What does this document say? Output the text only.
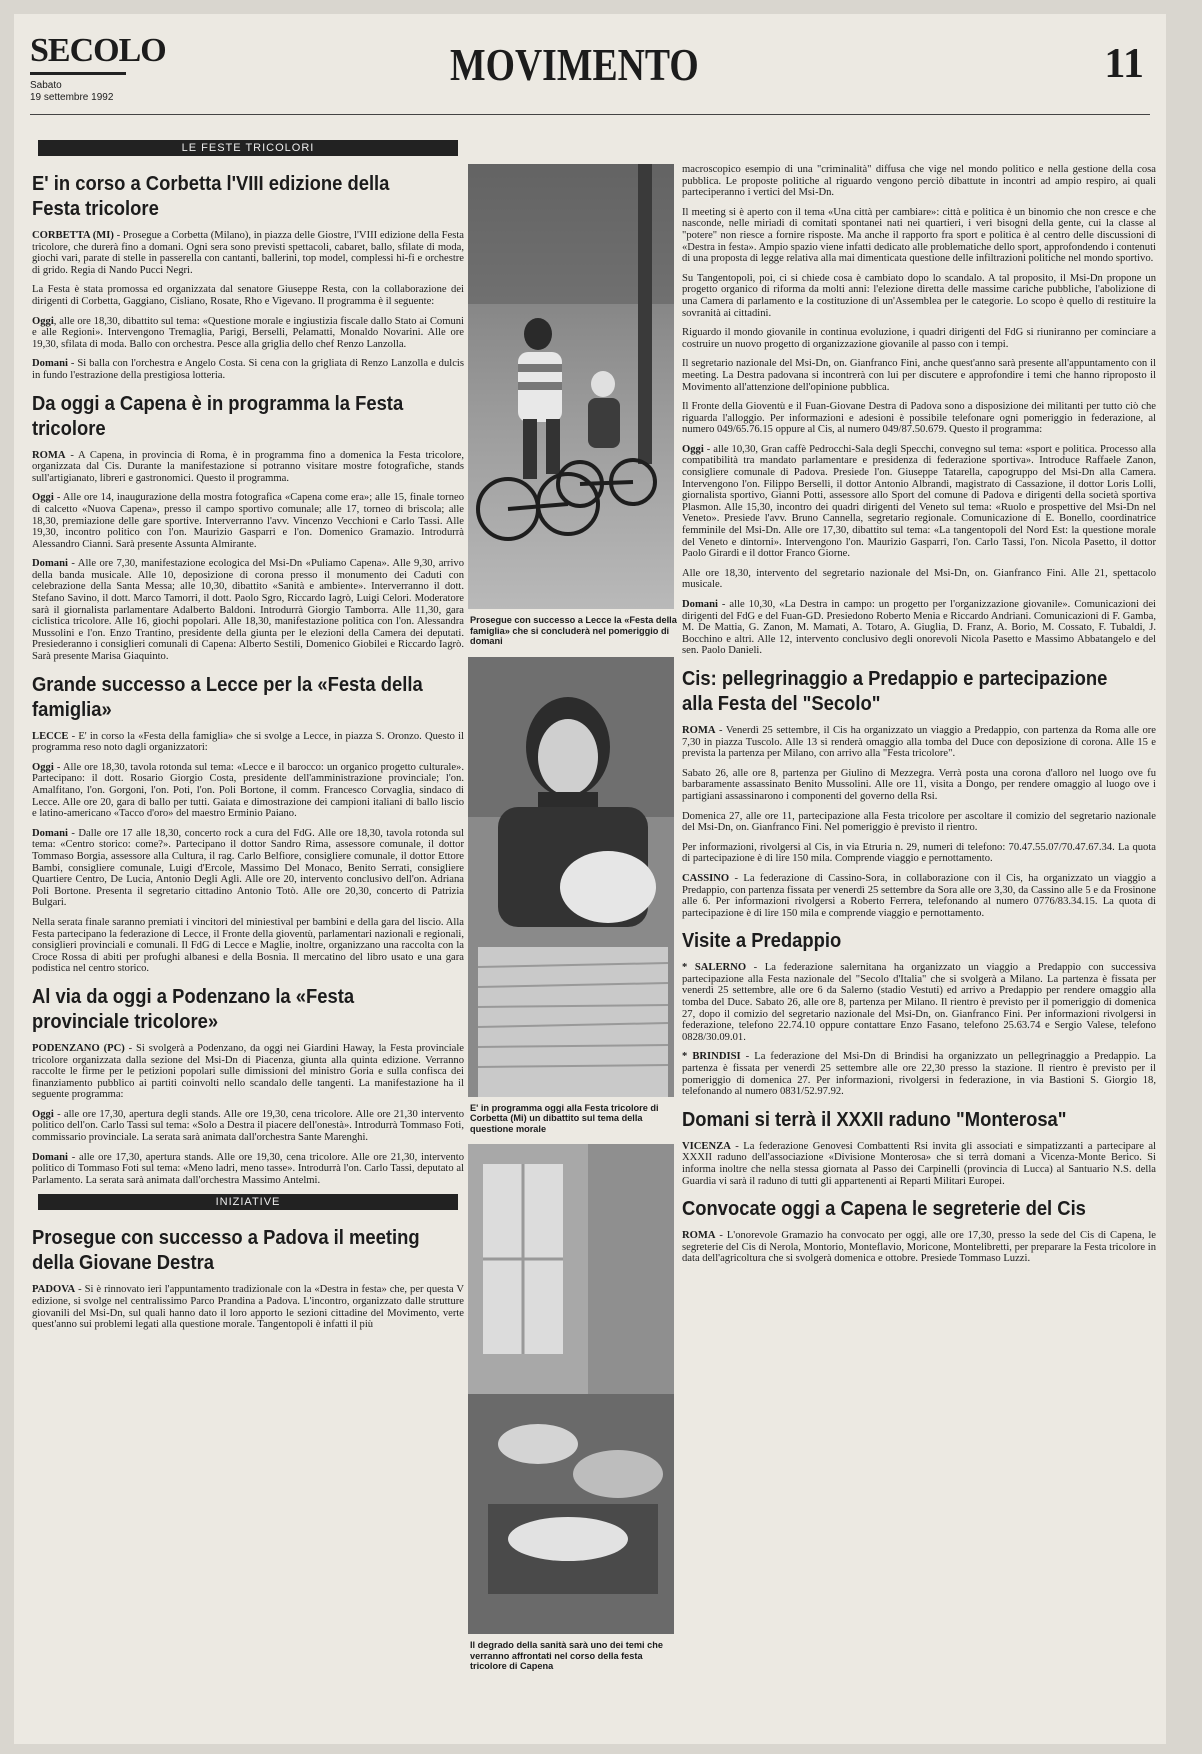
SECOLO
Sabato
19 settembre 1992
MOVIMENTO	11
LE FESTE TRICOLORI
E' in corso a Corbetta l'VIII edizione della Festa tricolore

CORBETTA (MI) - Prosegue a Corbetta (Milano), in piazza delle Giostre, l'VIII edizione della Festa tricolore, che durerà fino a domani. Ogni sera sono previsti spettacoli, cabaret, ballo, sfilate di moda, giochi vari, parate di stelle in passerella con cantanti, ballerini, top model, complessi hi-fi e orchestre di grido. Regia di Nando Pucci Negri.

La Festa è stata promossa ed organizzata dal senatore Giuseppe Resta, con la collaborazione dei dirigenti di Corbetta, Gaggiano, Cisliano, Rosate, Rho e Vigevano. Il programma è il seguente:

Oggi, alle ore 18,30, dibattito sul tema: «Questione morale e ingiustizia fiscale dallo Stato ai Comuni e alle Regioni». Intervengono Tremaglia, Parigi, Berselli, Pelamatti, Monaldo Novarini. Alle ore 19,30, sfilata di moda. Ballo con orchestra. Pesce alla griglia dello chef Renzo Lanzolla.

Domani - Si balla con l'orchestra e Angelo Costa. Si cena con la grigliata di Renzo Lanzolla e dulcis in fundo l'estrazione della prestigiosa lotteria.

Da oggi a Capena è in programma la Festa tricolore

ROMA - A Capena, in provincia di Roma, è in programma fino a domenica la Festa tricolore, organizzata dal Cis. Durante la manifestazione si potranno visitare mostre fotografiche, stands sull'artigianato, libreri e gastronomici. Questo il programma.

Oggi - Alle ore 14, inaugurazione della mostra fotografica «Capena come era»; alle 15, finale torneo di calcetto «Nuova Capena», presso il campo sportivo comunale; alle 17, torneo di briscola; alle 18,30, premiazione delle gare sportive. Interverranno l'avv. Vincenzo Vecchioni e Carlo Tassi. Alle 19,30, incontro politico con l'on. Maurizio Gasparri e l'on. Domenico Gramazio. Introdurrà Alessandro Cianni. Sarà presente Assunta Almirante.

Domani - Alle ore 7,30, manifestazione ecologica del Msi-Dn «Puliamo Capena». Alle 9,30, arrivo della banda musicale. Alle 10, deposizione di corona presso il monumento dei Caduti con celebrazione della Santa Messa; alle 10,30, dibattito «Sanità e ambiente». Interverranno il dott. Stefano Savino, il dott. Marco Tamorri, il dott. Paolo Sgro, Riccardo Iagrò, Luigi Celori. Moderatore sarà il giornalista parlamentare Adalberto Baldoni. Introdurrà Giorgio Tamborra. Alle 11,30, gara ciclistica tricolore. Alle 16, giochi popolari. Alle 18,30, manifestazione politica con l'on. Alessandra Mussolini e l'on. Enzo Trantino, presidente della giunta per le elezioni della Camera dei deputati. Presiederanno i consiglieri comunali di Capena: Alberto Sestili, Domenico Giobilei e Riccardo Iagrò. Sarà presente Marisa Giaquinto.

Grande successo a Lecce per la «Festa della famiglia»

LECCE - E' in corso la «Festa della famiglia» che si svolge a Lecce, in piazza S. Oronzo. Questo il programma reso noto dagli organizzatori:

Oggi - Alle ore 18,30, tavola rotonda sul tema: «Lecce e il barocco: un organico progetto culturale». Partecipano: il dott. Rosario Giorgio Costa, presidente dell'amministrazione provinciale; l'on. Amalfitano, l'on. Gorgoni, l'on. Poti, l'on. Poli Bortone, il comm. Francesco Corvaglia, sindaco di Lecce. Alle ore 20, gara di ballo per tutti. Gaiata e dimostrazione dei campioni italiani di ballo liscio e latino-americano «Tacco d'oro» del maestro Erminio Paiano.

Domani - Dalle ore 17 alle 18,30, concerto rock a cura del FdG. Alle ore 18,30, tavola rotonda sul tema: «Centro storico: come?». Partecipano il dottor Sandro Rima, assessore comunale, il dottor Tommaso Borgia, assessore alla Cultura, il rag. Carlo Belfiore, consigliere comunale, il dottor Ettore Bambi, consigliere comunale, Luigi d'Ercole, Massimo Del Monaco, Benito Serrati, consigliere Quartiere Centro, De Lucia, Antonio Degli Agli. Alle ore 20, intervento conclusivo dell'on. Adriana Poli Bortone. Presenta il segretario cittadino Antonio Totò. Alle ore 20,30, concerto di Patrizia Bulgari.

Nella serata finale saranno premiati i vincitori del miniestival per bambini e della gara del liscio. Alla Festa partecipano la federazione di Lecce, il Fronte della gioventù, parlamentari nazionali e regionali, consiglieri provinciali e comunali. Il FdG di Lecce e Maglie, inoltre, organizzano una raccolta con la Croce Rossa di abiti per profughi albanesi e della Bosnia. Il mercatino del libro usato e una gara podistica nel centro storico.

Al via da oggi a Podenzano la «Festa provinciale tricolore»

PODENZANO (PC) - Si svolgerà a Podenzano, da oggi nei Giardini Haway, la Festa provinciale tricolore organizzata dalla sezione del Msi-Dn di Piacenza, giunta alla quinta edizione. Verranno raccolte le firme per le petizioni popolari sulle dimissioni del ministro Goria e sulla confisca dei finanziamento pubblico ai partiti coinvolti nello scandalo delle tangenti. La manifestazione ha il seguente programma:

Oggi - alle ore 17,30, apertura degli stands. Alle ore 19,30, cena tricolore. Alle ore 21,30 intervento politico dell'on. Carlo Tassi sul tema: «Solo a Destra il piacere dell'onestà». Introdurrà Tommaso Foti, commissario provinciale. La serata sarà animata dall'orchestra Sante Marenghi.

Domani - alle ore 17,30, apertura stands. Alle ore 19,30, cena tricolore. Alle ore 21,30, intervento politico di Tommaso Foti sul tema: «Meno ladri, meno tasse». Introdurrà l'on. Carlo Tassi, deputato al Parlamento. La serata sarà animata dall'orchestra Massimo Antelmi.

INIZIATIVE
Prosegue con successo a Padova il meeting della Giovane Destra

PADOVA - Si è rinnovato ieri l'appuntamento tradizionale con la «Destra in festa» che, per questa V edizione, si svolge nel centralissimo Parco Prandina a Padova. L'incontro, organizzato dalle strutture giovanili del Msi-Dn, sul quali hanno dato il loro apporto le sezioni cittadine del Movimento, verte quest'anno sui problemi legati alla questione morale. Tangentopoli è infatti il più

Prosegue con successo a Lecce la «Festa della famiglia» che si concluderà nel pomeriggio di domani
E' in programma oggi alla Festa tricolore di Corbetta (Mi) un dibattito sul tema della questione morale
Il degrado della sanità sarà uno dei temi che verranno affrontati nel corso della festa tricolore di Capena

macroscopico esempio di una "criminalità" diffusa che vige nel mondo politico e nella gestione della cosa pubblica. Le proposte politiche al riguardo vengono perciò dibattute in incontri ad ampio respiro, ai quali parteciperanno i vertici del Msi-Dn.

Il meeting si è aperto con il tema «Una città per cambiare»: città e politica è un binomio che non cresce e che nasconde, nelle miriadi di comitati spontanei nati nei quartieri, i veri bisogni della gente, cui la classe al "potere" non riesce a fornire risposte. Ma anche il rapporto fra sport e politica è al centro delle discussioni di «Destra in festa». Ampio spazio viene infatti dedicato alle problematiche dello sport, approfondendo i contenuti di una proposta di legge relativa alla mai dimenticata questione delle infiltrazioni politiche nel mondo sportivo.

Su Tangentopoli, poi, ci si chiede cosa è cambiato dopo lo scandalo. A tal proposito, il Msi-Dn propone un progetto organico di riforma da molti anni: l'elezione diretta delle massime cariche pubbliche, l'abolizione di una Camera di parlamento e la costituzione di un'Assemblea per le categorie. Lo scopo è quello di restituire la sovranità ai cittadini.

Riguardo il mondo giovanile in continua evoluzione, i quadri dirigenti del FdG si riuniranno per cominciare a costruire un nuovo progetto di organizzazione giovanile al passo con i tempi.

Il segretario nazionale del Msi-Dn, on. Gianfranco Fini, anche quest'anno sarà presente all'appuntamento con il meeting. La Destra padovana si incontrerà con lui per discutere e approfondire i temi che hanno riproposto il Movimento all'attenzione dell'opinione pubblica.

Il Fronte della Gioventù e il Fuan-Giovane Destra di Padova sono a disposizione dei militanti per tutto ciò che riguarda l'alloggio. Per informazioni e adesioni è possibile telefonare ogni pomeriggio in federazione, al numero 049/65.76.15 oppure al Cis, al numero 049/87.50.679. Questo il programma:

Oggi - alle 10,30, Gran caffè Pedrocchi-Sala degli Specchi, convegno sul tema: «sport e politica. Processo alla compatibilità tra mandato parlamentare e presidenza di federazione sportiva». Introduce Raffaele Zanon, consigliere comunale di Padova. Presiede l'on. Giuseppe Tatarella, capogruppo del Msi-Dn alla Camera. Intervengono l'on. Filippo Berselli, il dottor Antonio Albrandi, magistrato di Cassazione, il dottor Loris Lolli, giornalista sportivo, Gianni Potti, assessore allo Sport del comune di Padova e dirigenti della società sportiva Plasmon. Alle 15,30, incontro dei quadri dirigenti del Veneto sul tema: «Ruolo e prospettive del Msi-Dn nel Veneto». Presiede l'avv. Bruno Cannella, segretario regionale. Comunicazione di E. Bonello, coordinatrice femminile del Msi-Dn. Alle ore 17,30, dibattito sul tema: «La tangentopoli del Nord Est: la questione morale del Veneto e dintorni». Intervengono l'on. Maurizio Gasparri, l'on. Carlo Tassi, l'on. Nicola Pasetto, il dottor Paolo Girardi e il dottor Franco Giorne.

Alle ore 18,30, intervento del segretario nazionale del Msi-Dn, on. Gianfranco Fini. Alle 21, spettacolo musicale.

Domani - alle 10,30, «La Destra in campo: un progetto per l'organizzazione giovanile». Comunicazioni dei dirigenti del FdG e del Fuan-GD. Presiedono Roberto Menia e Riccardo Andriani. Comunicazioni di F. Gamba, M. De Mattia, G. Zanon, M. Mamati, A. Totaro, A. Giuglia, D. Franz, A. Borio, M. Cossato, F. Tubaldi, J. Bocchino e altri. Alle 12, intervento conclusivo degli onorevoli Nicola Pasetto e Massimo Abbatangelo e del sen. Paolo Danieli.

Cis: pellegrinaggio a Predappio e partecipazione alla Festa del "Secolo"

ROMA - Venerdì 25 settembre, il Cis ha organizzato un viaggio a Predappio, con partenza da Roma alle ore 7,30 in piazza Tuscolo. Alle 13 si renderà omaggio alla tomba del Duce con deposizione di corona. Alle 15 e prevista la partenza per Milano, con arrivo alla "Festa tricolore".

Sabato 26, alle ore 8, partenza per Giulino di Mezzegra. Verrà posta una corona d'alloro nel luogo ove fu barbaramente assassinato Benito Mussolini. Alle ore 11, visita a Dongo, per rendere omaggio al luogo ove i partigiani assassinarono i componenti del governo della Rsi.

Domenica 27, alle ore 11, partecipazione alla Festa tricolore per ascoltare il comizio del segretario nazionale del Msi-Dn, on. Gianfranco Fini. Nel pomeriggio è previsto il rientro.

Per informazioni, rivolgersi al Cis, in via Etruria n. 29, numeri di telefono: 70.47.55.07/70.47.67.34. La quota di partecipazione è di lire 150 mila. Comprende viaggio e pernottamento.

CASSINO - La federazione di Cassino-Sora, in collaborazione con il Cis, ha organizzato un viaggio a Predappio, con partenza fissata per venerdì 25 settembre da Sora alle ore 3,30, da Cassino alle 5 e da Frosinone alle 6. Per informazioni rivolgersi a Roberto Ferrera, telefonando al numero 0776/83.34.15. La quota di partecipazione è di lire 150 mila e comprende viaggio e pernottamento.

Visite a Predappio

* SALERNO - La federazione salernitana ha organizzato un viaggio a Predappio con successiva partecipazione alla Festa nazionale del "Secolo d'Italia" che si svolgerà a Milano. La partenza è fissata per venerdì 25 settembre, alle ore 6 da Salerno (stadio Vestuti) ed arrivo a Predappio per rendere omaggio alla tomba del Duce. Sabato 26, alle ore 8, partenza per Milano. Il rientro è previsto per il pomeriggio di domenica 27, dopo il comizio del segretario nazionale del Msi-Dn, on. Gianfranco Fini. Per informazioni rivolgersi in federazione, telefono 22.74.10 oppure contattare Enzo Fasano, telefono 25.63.74 e Sergio Valese, telefono 0828/30.09.01.

* BRINDISI - La federazione del Msi-Dn di Brindisi ha organizzato un pellegrinaggio a Predappio. La partenza è fissata per venerdì 25 settembre alle ore 22,30 presso la stazione. Il rientro è previsto per il pomeriggio di domenica 27. Per informazioni, rivolgersi in federazione, in via Bastioni S. Giorgio 18, telefonando al numero 0831/52.97.92.

Domani si terrà il XXXII raduno "Monterosa"

VICENZA - La federazione Genovesi Combattenti Rsi invita gli associati e simpatizzanti a partecipare al XXXII raduno dell'associazione «Divisione Monterosa» che si terrà domani a Vicenza-Monte Berico. Si informa inoltre che nella stessa giornata al Passo dei Carpinelli (provincia di Lucca) al Santuario N.S. della Guardia vi sarà il raduno di tutti gli appartenenti ai Reparti Militari Europei.

Convocate oggi a Capena le segreterie del Cis

ROMA - L'onorevole Gramazio ha convocato per oggi, alle ore 17,30, presso la sede del Cis di Capena, le segreterie del Cis di Nerola, Montorio, Monteflavio, Moricone, Montelibretti, per preparare la Festa tricolore in data dell'agricoltura che si svolgerà domenica e ottobre. Presiede Tommaso Luzzi.
